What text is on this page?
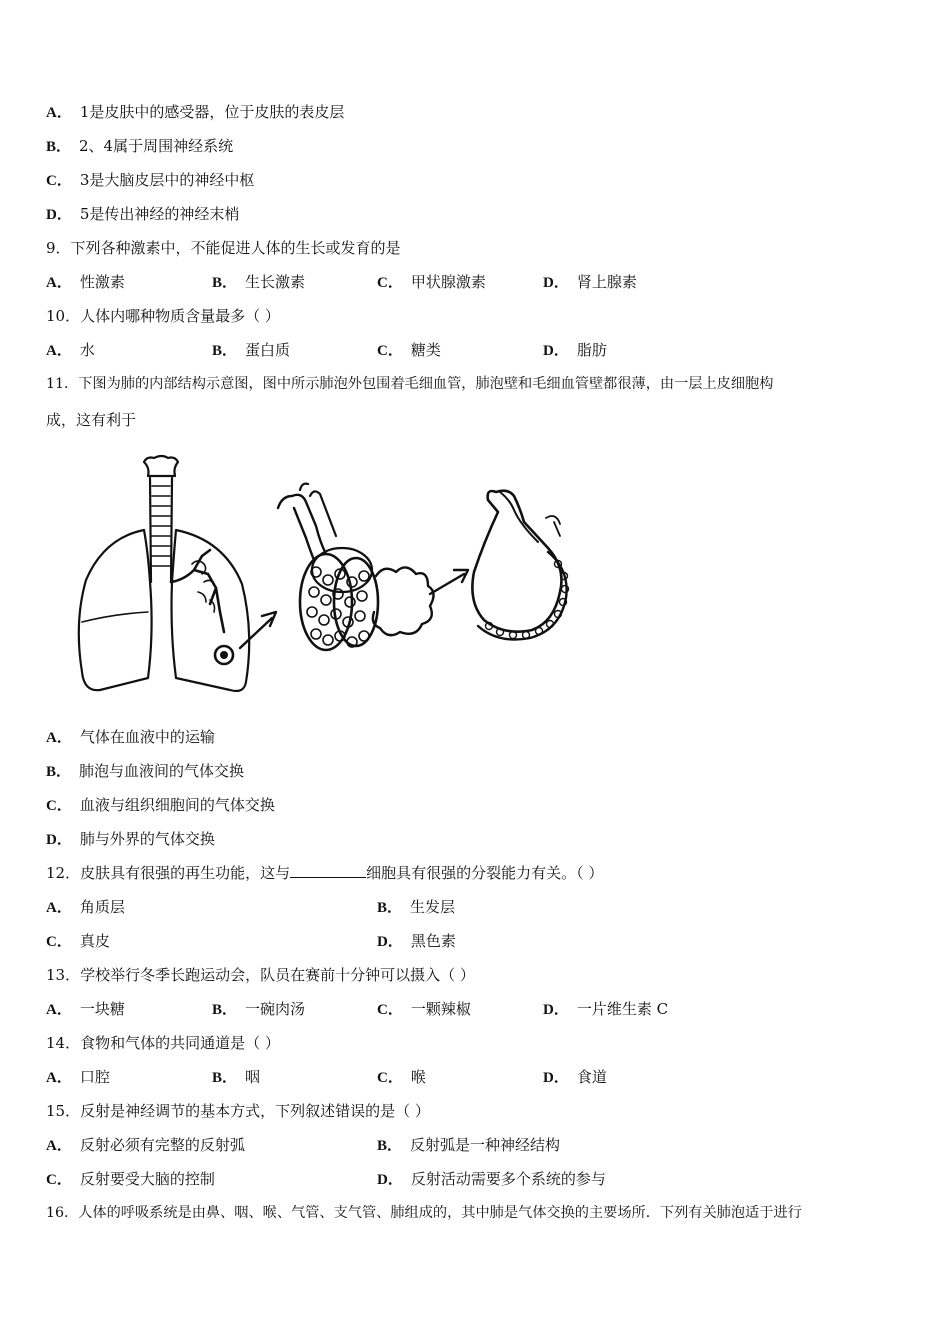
A． 1是皮肤中的感受器，位于皮肤的表皮层
B． 2、4属于周围神经系统
C． 3是大脑皮层中的神经中枢
D． 5是传出神经的神经末梢
9．下列各种激素中，不能促进人体的生长或发育的是
A． 性激素	B． 生长激素	C． 甲状腺激素	D． 肾上腺素
10．人体内哪种物质含量最多（ ）
A． 水	B． 蛋白质	C． 糖类	D． 脂肪
11．下图为肺的内部结构示意图，图中所示肺泡外包围着毛细血管，肺泡壁和毛细血管壁都很薄，由一层上皮细胞构
成，这有利于
A． 气体在血液中的运输
B． 肺泡与血液间的气体交换
C． 血液与组织细胞间的气体交换
D． 肺与外界的气体交换
12．皮肤具有很强的再生功能，这与	细胞具有很强的分裂能力有关。（ ）
A． 角质层	B． 生发层
C． 真皮	D． 黑色素
13．学校举行冬季长跑运动会，队员在赛前十分钟可以摄入（ ）
A． 一块糖	B． 一碗肉汤	C． 一颗辣椒	D． 一片维生素 C
14．食物和气体的共同通道是（ ）
A． 口腔	B． 咽	C． 喉	D． 食道
15．反射是神经调节的基本方式，下列叙述错误的是（ ）
A． 反射必须有完整的反射弧	B． 反射弧是一种神经结构
C． 反射要受大脑的控制	D． 反射活动需要多个系统的参与
16．人体的呼吸系统是由鼻、咽、喉、气管、支气管、肺组成的，其中肺是气体交换的主要场所．下列有关肺泡适于进行
